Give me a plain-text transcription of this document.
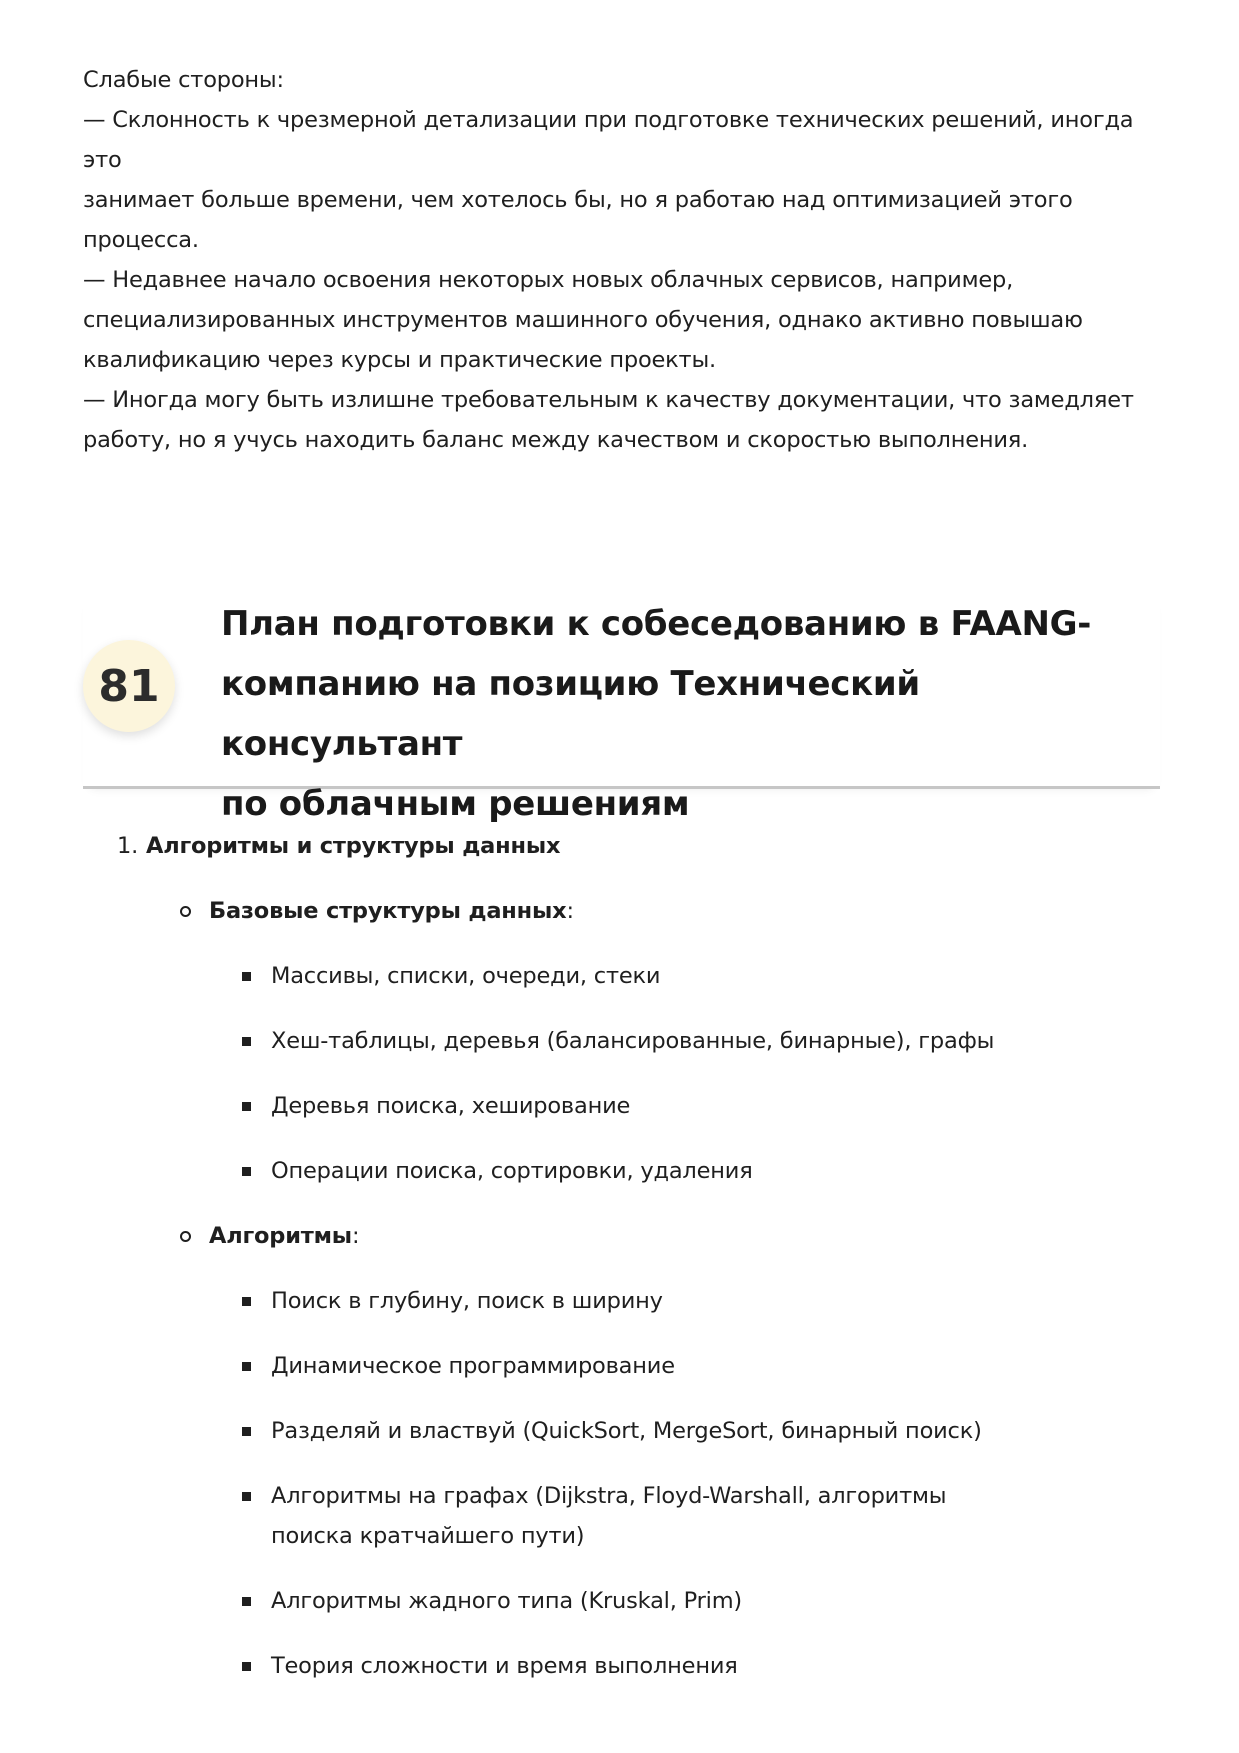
Слабые стороны:

— Склонность к чрезмерной детализации при подготовке технических решений, иногда это

занимает больше времени, чем хотелось бы, но я работаю над оптимизацией этого

процесса.

— Недавнее начало освоения некоторых новых облачных сервисов, например,

специализированных инструментов машинного обучения, однако активно повышаю

квалификацию через курсы и практические проекты.

— Иногда могу быть излишне требовательным к качеству документации, что замедляет

работу, но я учусь находить баланс между качеством и скоростью выполнения.

81
План подготовки к собеседованию в FAANG-
компанию на позицию Технический консультант
по облачным решениям
1. Алгоритмы и структуры данных
Базовые структуры данных:
Массивы, списки, очереди, стеки
Хеш-таблицы, деревья (балансированные, бинарные), графы
Деревья поиска, хеширование
Операции поиска, сортировки, удаления
Алгоритмы:
Поиск в глубину, поиск в ширину
Динамическое программирование
Разделяй и властвуй (QuickSort, MergeSort, бинарный поиск)
Алгоритмы на графах (Dijkstra, Floyd-Warshall, алгоритмы поиска кратчайшего пути)
Алгоритмы жадного типа (Kruskal, Prim)
Теория сложности и время выполнения
